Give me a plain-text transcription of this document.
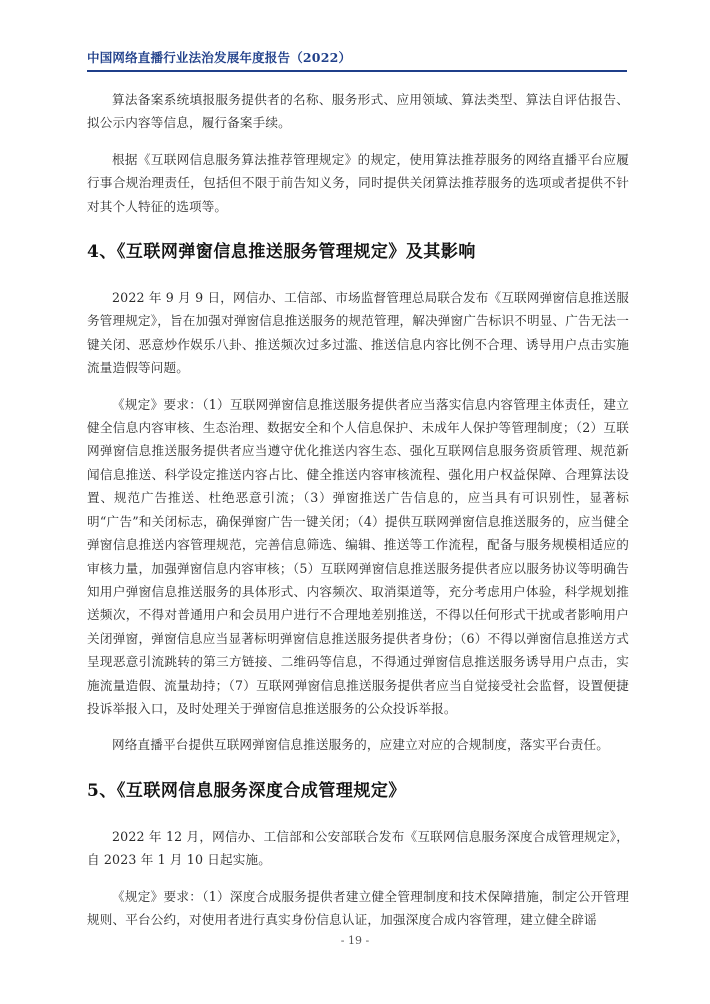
中国网络直播行业法治发展年度报告（2022）

算法备案系统填报服务提供者的名称、服务形式、应用领域、算法类型、算法自评估报告、拟公示内容等信息，履行备案手续。

根据《互联网信息服务算法推荐管理规定》的规定，使用算法推荐服务的网络直播平台应履行事合规治理责任，包括但不限于前告知义务，同时提供关闭算法推荐服务的选项或者提供不针对其个人特征的选项等。

4、《互联网弹窗信息推送服务管理规定》及其影响

2022 年 9 月 9 日，网信办、工信部、市场监督管理总局联合发布《互联网弹窗信息推送服务管理规定》，旨在加强对弹窗信息推送服务的规范管理，解决弹窗广告标识不明显、广告无法一键关闭、恶意炒作娱乐八卦、推送频次过多过滥、推送信息内容比例不合理、诱导用户点击实施流量造假等问题。

《规定》要求：（1）互联网弹窗信息推送服务提供者应当落实信息内容管理主体责任，建立健全信息内容审核、生态治理、数据安全和个人信息保护、未成年人保护等管理制度；（2）互联网弹窗信息推送服务提供者应当遵守优化推送内容生态、强化互联网信息服务资质管理、规范新闻信息推送、科学设定推送内容占比、健全推送内容审核流程、强化用户权益保障、合理算法设置、规范广告推送、杜绝恶意引流；（3）弹窗推送广告信息的，应当具有可识别性，显著标明“广告”和关闭标志，确保弹窗广告一键关闭；（4）提供互联网弹窗信息推送服务的，应当健全弹窗信息推送内容管理规范，完善信息筛选、编辑、推送等工作流程，配备与服务规模相适应的审核力量，加强弹窗信息内容审核；（5）互联网弹窗信息推送服务提供者应以服务协议等明确告知用户弹窗信息推送服务的具体形式、内容频次、取消渠道等，充分考虑用户体验，科学规划推送频次，不得对普通用户和会员用户进行不合理地差别推送，不得以任何形式干扰或者影响用户关闭弹窗，弹窗信息应当显著标明弹窗信息推送服务提供者身份；（6）不得以弹窗信息推送方式呈现恶意引流跳转的第三方链接、二维码等信息，不得通过弹窗信息推送服务诱导用户点击，实施流量造假、流量劫持；（7）互联网弹窗信息推送服务提供者应当自觉接受社会监督，设置便捷投诉举报入口，及时处理关于弹窗信息推送服务的公众投诉举报。

网络直播平台提供互联网弹窗信息推送服务的，应建立对应的合规制度，落实平台责任。

5、《互联网信息服务深度合成管理规定》

2022 年 12 月，网信办、工信部和公安部联合发布《互联网信息服务深度合成管理规定》，自 2023 年 1 月 10 日起实施。

《规定》要求：（1）深度合成服务提供者建立健全管理制度和技术保障措施，制定公开管理规则、平台公约，对使用者进行真实身份信息认证，加强深度合成内容管理，建立健全辟谣

- 19 -
